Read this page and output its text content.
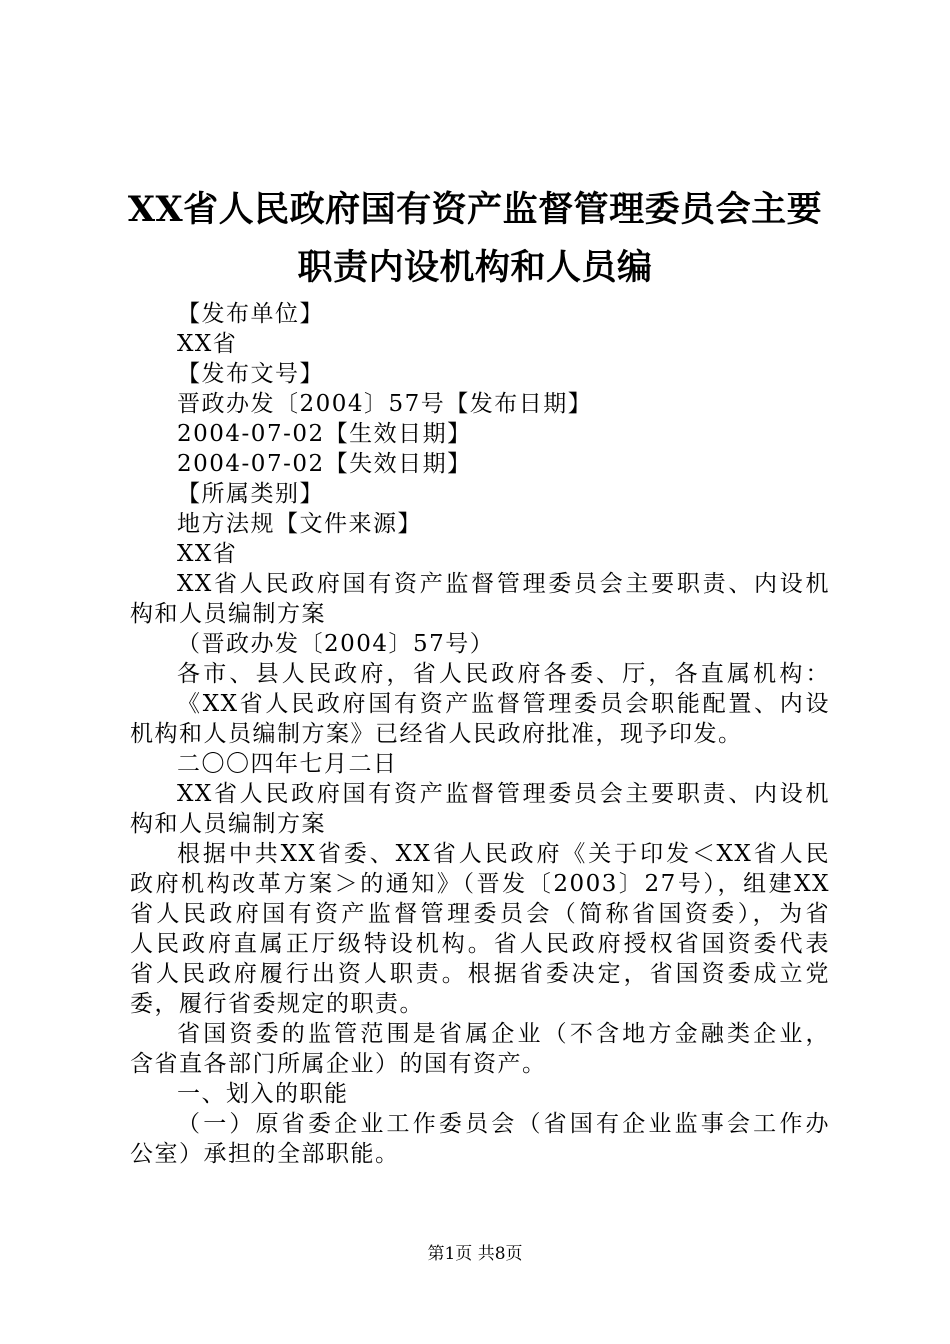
XX省人民政府国有资产监督管理委员会主要
职责内设机构和人员编
【发布单位】
XX省
【发布文号】
晋政办发〔2004〕57号【发布日期】
2004-07-02【生效日期】
2004-07-02【失效日期】
【所属类别】
地方法规【文件来源】
XX省
XX省人民政府国有资产监督管理委员会主要职责、内设机
构和人员编制方案
（晋政办发〔2004〕57号）
各市、县人民政府，省人民政府各委、厅，各直属机构：
《XX省人民政府国有资产监督管理委员会职能配置、内设
机构和人员编制方案》已经省人民政府批准，现予印发。
二〇〇四年七月二日
XX省人民政府国有资产监督管理委员会主要职责、内设机
构和人员编制方案
根据中共XX省委、XX省人民政府《关于印发＜XX省人民
政府机构改革方案＞的通知》（晋发〔2003〕27号），组建XX
省人民政府国有资产监督管理委员会（简称省国资委），为省
人民政府直属正厅级特设机构。省人民政府授权省国资委代表
省人民政府履行出资人职责。根据省委决定，省国资委成立党
委，履行省委规定的职责。
省国资委的监管范围是省属企业（不含地方金融类企业，
含省直各部门所属企业）的国有资产。
一、划入的职能
（一）原省委企业工作委员会（省国有企业监事会工作办
公室）承担的全部职能。
第1页 共8页
